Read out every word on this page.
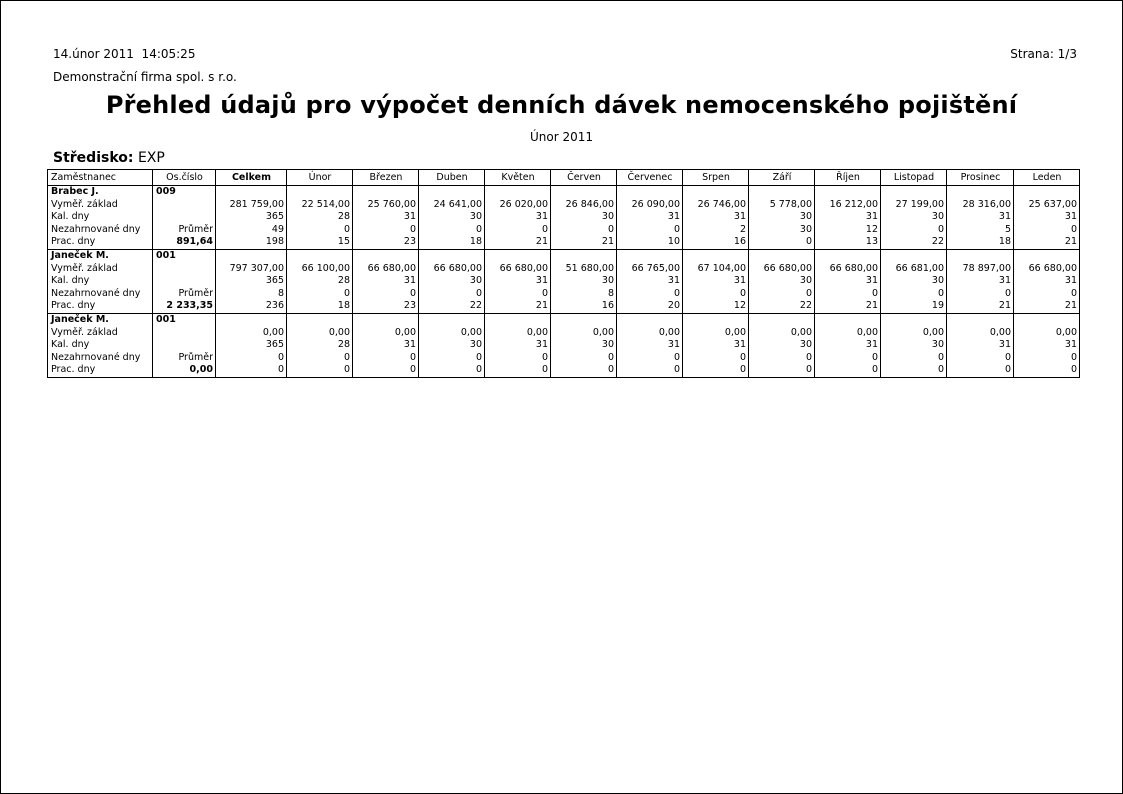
14.únor 2011  14:05:25	Strana: 1/3
Demonstrační firma spol. s r.o.
Přehled údajů pro výpočet denních dávek nemocenského pojištění
Únor 2011
Středisko: EXP
Zaměstnanec	Os.číslo	Celkem	Únor	Březen	Duben	Květen	Červen	Červenec	Srpen	Září	Říjen	Listopad	Prosinec	Leden
Brabec J.	009													
Vyměř. základ		281 759,00	22 514,00	25 760,00	24 641,00	26 020,00	26 846,00	26 090,00	26 746,00	5 778,00	16 212,00	27 199,00	28 316,00	25 637,00
Kal. dny		365	28	31	30	31	30	31	31	30	31	30	31	31
Nezahrnované dny	Průměr	49	0	0	0	0	0	0	2	30	12	0	5	0
Prac. dny	891,64	198	15	23	18	21	21	10	16	0	13	22	18	21
Janeček M.	001													
Vyměř. základ		797 307,00	66 100,00	66 680,00	66 680,00	66 680,00	51 680,00	66 765,00	67 104,00	66 680,00	66 680,00	66 681,00	78 897,00	66 680,00
Kal. dny		365	28	31	30	31	30	31	31	30	31	30	31	31
Nezahrnované dny	Průměr	8	0	0	0	0	8	0	0	0	0	0	0	0
Prac. dny	2 233,35	236	18	23	22	21	16	20	12	22	21	19	21	21
Janeček M.	001													
Vyměř. základ		0,00	0,00	0,00	0,00	0,00	0,00	0,00	0,00	0,00	0,00	0,00	0,00	0,00
Kal. dny		365	28	31	30	31	30	31	31	30	31	30	31	31
Nezahrnované dny	Průměr	0	0	0	0	0	0	0	0	0	0	0	0	0
Prac. dny	0,00	0	0	0	0	0	0	0	0	0	0	0	0	0
